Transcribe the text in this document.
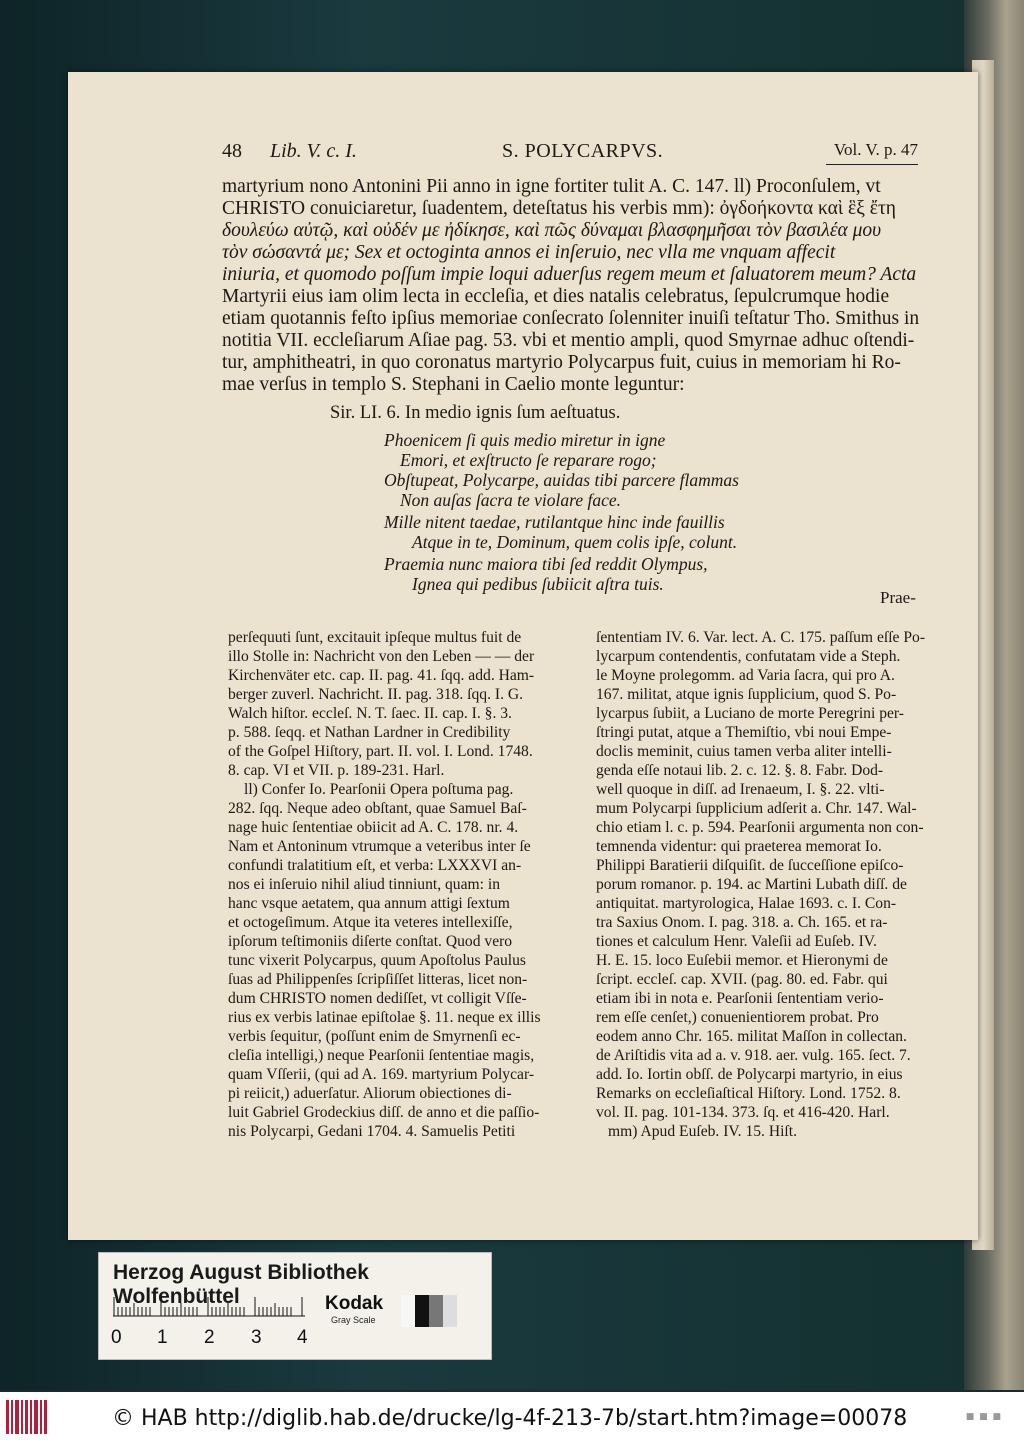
48 Lib. V. c. I.	S. POLYCARPVS.	Vol. V. p. 47
martyrium nono Antonini Pii anno in igne fortiter tulit A. C. 147. ll) Proconſulem, vt
CHRISTO conuiciaretur, ſuadentem, deteſtatus his verbis mm): ὀγδοήκοντα καὶ ἓξ ἔτη
δουλεύω αὐτῷ, καὶ οὐδέν με ἠδίκησε, καὶ πῶς δύναμαι βλασφημῆσαι τὸν βασιλέα μου
τὸν σώσαντά με; Sex et octoginta annos ei inſeruio, nec vlla me vnquam affecit
iniuria, et quomodo poſſum impie loqui aduerſus regem meum et ſaluatorem meum? Acta
Martyrii eius iam olim lecta in eccleſia, et dies natalis celebratus, ſepulcrumque hodie
etiam quotannis feſto ipſius memoriae conſecrato ſolenniter inuiſi teſtatur Tho. Smithus in
notitia VII. eccleſiarum Aſiae pag. 53. vbi et mentio ampli, quod Smyrnae adhuc oſtendi-
tur, amphitheatri, in quo coronatus martyrio Polycarpus fuit, cuius in memoriam hi Ro-
mae verſus in templo S. Stephani in Caelio monte leguntur:
Sir. LI. 6. In medio ignis ſum aeſtuatus.
Phoenicem ſi quis medio miretur in igne
Emori, et exſtructo ſe reparare rogo;
Obſtupeat, Polycarpe, auidas tibi parcere flammas
Non auſas ſacra te violare face.
Mille nitent taedae, rutilantque hinc inde fauillis
Atque in te, Dominum, quem colis ipſe, colunt.
Praemia nunc maiora tibi ſed reddit Olympus,
Ignea qui pedibus ſubiicit aſtra tuis.
Prae-
perſequuti ſunt, excitauit ipſeque multus fuit de
illo Stolle in: Nachricht von den Leben — — der
Kirchenväter etc. cap. II. pag. 41. ſqq. add. Ham-
berger zuverl. Nachricht. II. pag. 318. ſqq. I. G.
Walch hiſtor. eccleſ. N. T. ſaec. II. cap. I. §. 3.
p. 588. ſeqq. et Nathan Lardner in Credibility
of the Goſpel Hiſtory, part. II. vol. I. Lond. 1748.
8. cap. VI et VII. p. 189-231. Harl.
ll) Confer Io. Pearſonii Opera poſtuma pag.
282. ſqq. Neque adeo obſtant, quae Samuel Baſ-
nage huic ſententiae obiicit ad A. C. 178. nr. 4.
Nam et Antoninum vtrumque a veteribus inter ſe
confundi tralatitium eſt, et verba: LXXXVI an-
nos ei inſeruio nihil aliud tinniunt, quam: in
hanc vsque aetatem, qua annum attigi ſextum
et octogeſimum. Atque ita veteres intellexiſſe,
ipſorum teſtimoniis diſerte conſtat. Quod vero
tunc vixerit Polycarpus, quum Apoſtolus Paulus
ſuas ad Philippenſes ſcripſiſſet litteras, licet non-
dum CHRISTO nomen dediſſet, vt colligit Vſſe-
rius ex verbis latinae epiſtolae §. 11. neque ex illis
verbis ſequitur, (poſſunt enim de Smyrnenſi ec-
cleſia intelligi,) neque Pearſonii ſententiae magis,
quam Vſſerii, (qui ad A. 169. martyrium Polycar-
pi reiicit,) aduerſatur. Aliorum obiectiones di-
luit Gabriel Grodeckius diſſ. de anno et die paſſio-
nis Polycarpi, Gedani 1704. 4. Samuelis Petiti
ſententiam IV. 6. Var. lect. A. C. 175. paſſum eſſe Po-
lycarpum contendentis, confutatam vide a Steph.
le Moyne prolegomm. ad Varia ſacra, qui pro A.
167. militat, atque ignis ſupplicium, quod S. Po-
lycarpus ſubiit, a Luciano de morte Peregrini per-
ſtringi putat, atque a Themiſtio, vbi noui Empe-
doclis meminit, cuius tamen verba aliter intelli-
genda eſſe notaui lib. 2. c. 12. §. 8. Fabr. Dod-
well quoque in diſſ. ad Irenaeum, I. §. 22. vlti-
mum Polycarpi ſupplicium adſerit a. Chr. 147. Wal-
chio etiam l. c. p. 594. Pearſonii argumenta non con-
temnenda videntur: qui praeterea memorat Io.
Philippi Baratierii diſquiſit. de ſucceſſione epiſco-
porum romanor. p. 194. ac Martini Lubath diſſ. de
antiquitat. martyrologica, Halae 1693. c. I. Con-
tra Saxius Onom. I. pag. 318. a. Ch. 165. et ra-
tiones et calculum Henr. Valeſii ad Euſeb. IV.
H. E. 15. loco Euſebii memor. et Hieronymi de
ſcript. eccleſ. cap. XVII. (pag. 80. ed. Fabr. qui
etiam ibi in nota e. Pearſonii ſententiam verio-
rem eſſe cenſet,) conuenientiorem probat. Pro
eodem anno Chr. 165. militat Maſſon in collectan.
de Ariſtidis vita ad a. v. 918. aer. vulg. 165. ſect. 7.
add. Io. Iortin obſſ. de Polycarpi martyrio, in eius
Remarks on eccleſiaſtical Hiſtory. Lond. 1752. 8.
vol. II. pag. 101-134. 373. ſq. et 416-420. Harl.
mm) Apud Euſeb. IV. 15. Hiſt.
Herzog August Bibliothek Wolfenbüttel
0 1 2 3 4
Kodak
Gray Scale
© HAB http://diglib.hab.de/drucke/lg-4f-213-7b/start.htm?image=00078	■ ■ ■
